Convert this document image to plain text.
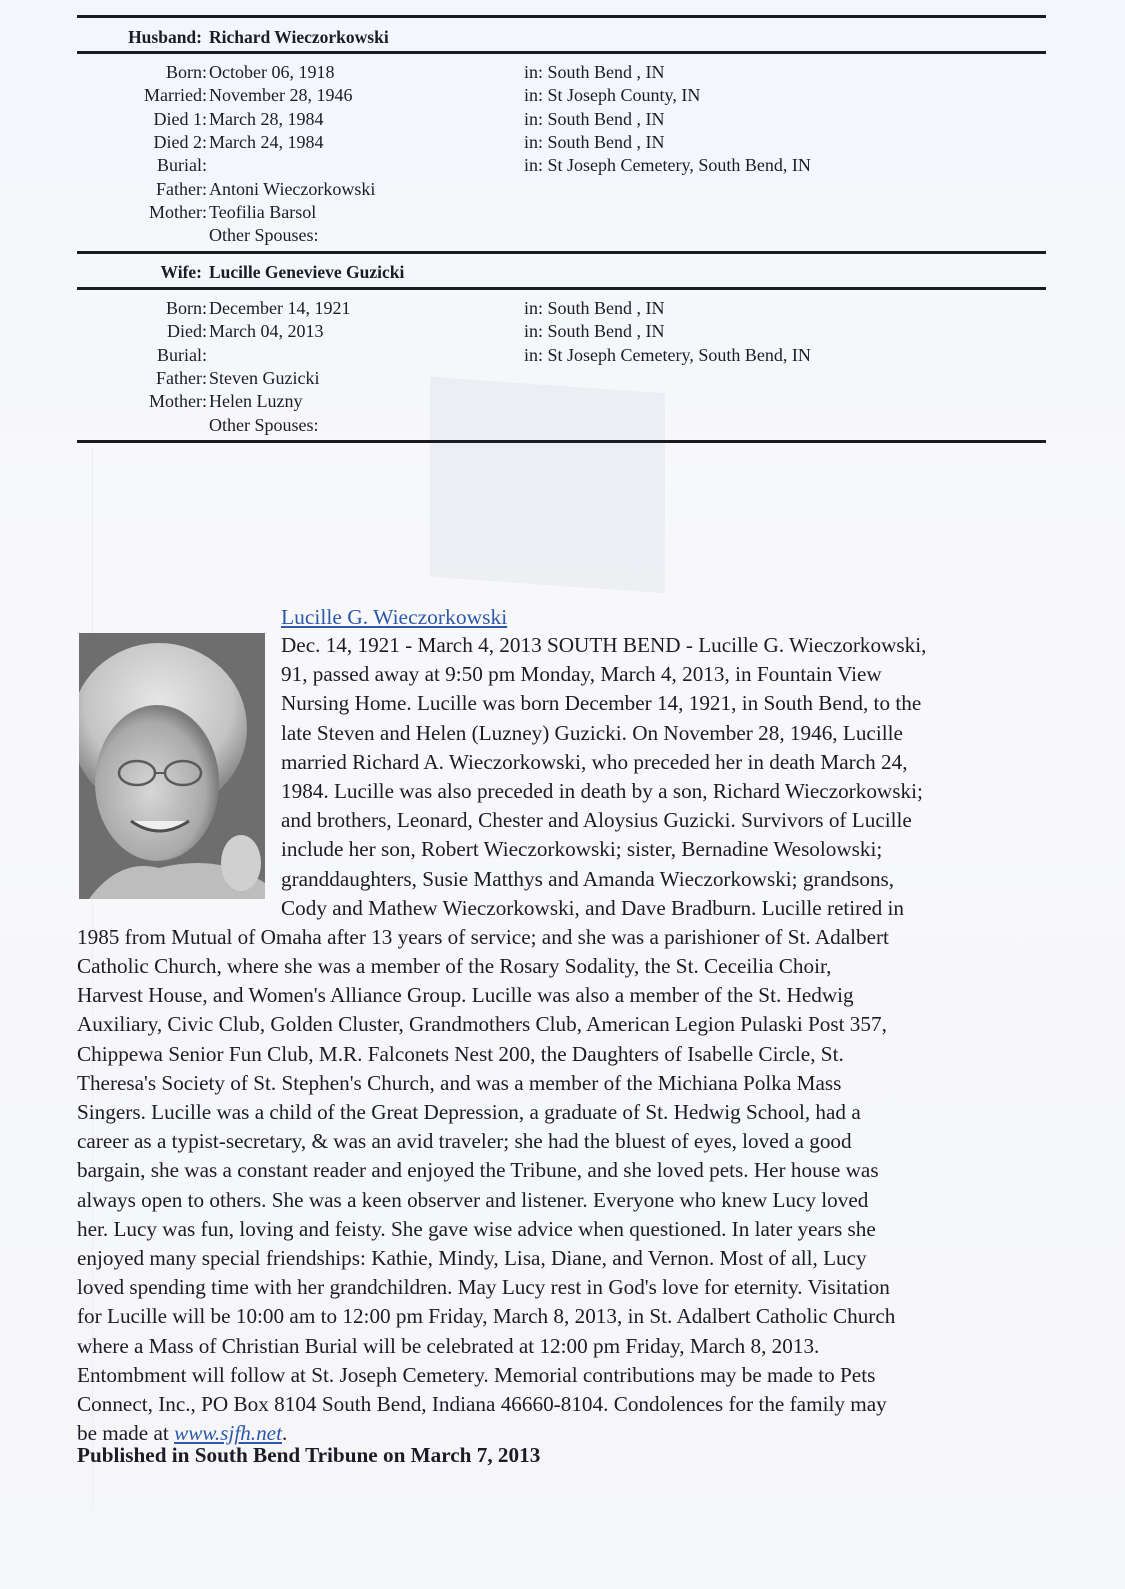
Husband: Richard Wieczorkowski
Born: October 06, 1918	in: South Bend , IN
Married: November 28, 1946	in: St Joseph County, IN
Died 1: March 28, 1984	in: South Bend , IN
Died 2: March 24, 1984	in: South Bend , IN
Burial:	in: St Joseph Cemetery, South Bend, IN
Father: Antoni Wieczorkowski
Mother: Teofilia Barsol
Other Spouses:
Wife: Lucille Genevieve Guzicki
Born: December 14, 1921	in: South Bend , IN
Died: March 04, 2013	in: South Bend , IN
Burial:	in: St Joseph Cemetery, South Bend, IN
Father: Steven Guzicki
Mother: Helen Luzny
Other Spouses:
Lucille G. Wieczorkowski
Dec. 14, 1921 - March 4, 2013 SOUTH BEND - Lucille G. Wieczorkowski,
91, passed away at 9:50 pm Monday, March 4, 2013, in Fountain View
Nursing Home. Lucille was born December 14, 1921, in South Bend, to the
late Steven and Helen (Luzney) Guzicki. On November 28, 1946, Lucille
married Richard A. Wieczorkowski, who preceded her in death March 24,
1984. Lucille was also preceded in death by a son, Richard Wieczorkowski;
and brothers, Leonard, Chester and Aloysius Guzicki. Survivors of Lucille
include her son, Robert Wieczorkowski; sister, Bernadine Wesolowski;
granddaughters, Susie Matthys and Amanda Wieczorkowski; grandsons,
Cody and Mathew Wieczorkowski, and Dave Bradburn. Lucille retired in
1985 from Mutual of Omaha after 13 years of service; and she was a parishioner of St. Adalbert
Catholic Church, where she was a member of the Rosary Sodality, the St. Ceceilia Choir,
Harvest House, and Women's Alliance Group. Lucille was also a member of the St. Hedwig
Auxiliary, Civic Club, Golden Cluster, Grandmothers Club, American Legion Pulaski Post 357,
Chippewa Senior Fun Club, M.R. Falconets Nest 200, the Daughters of Isabelle Circle, St.
Theresa's Society of St. Stephen's Church, and was a member of the Michiana Polka Mass
Singers. Lucille was a child of the Great Depression, a graduate of St. Hedwig School, had a
career as a typist-secretary, & was an avid traveler; she had the bluest of eyes, loved a good
bargain, she was a constant reader and enjoyed the Tribune, and she loved pets. Her house was
always open to others. She was a keen observer and listener. Everyone who knew Lucy loved
her. Lucy was fun, loving and feisty. She gave wise advice when questioned. In later years she
enjoyed many special friendships: Kathie, Mindy, Lisa, Diane, and Vernon. Most of all, Lucy
loved spending time with her grandchildren. May Lucy rest in God's love for eternity. Visitation
for Lucille will be 10:00 am to 12:00 pm Friday, March 8, 2013, in St. Adalbert Catholic Church
where a Mass of Christian Burial will be celebrated at 12:00 pm Friday, March 8, 2013.
Entombment will follow at St. Joseph Cemetery. Memorial contributions may be made to Pets
Connect, Inc., PO Box 8104 South Bend, Indiana 46660-8104. Condolences for the family may
be made at www.sjfh.net.
Published in South Bend Tribune on March 7, 2013
